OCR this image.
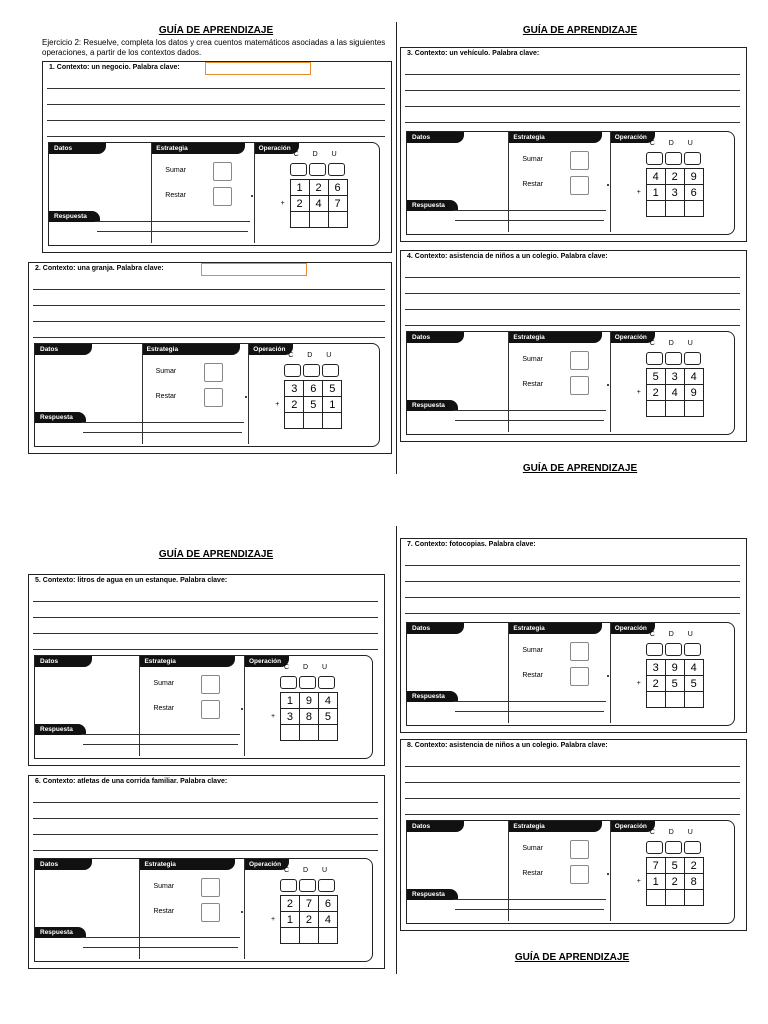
GUÍA DE APRENDIZAJE	GUÍA DE APRENDIZAJE
GUÍA DE APRENDIZAJE
GUÍA DE APRENDIZAJE
GUÍA DE APRENDIZAJE
Ejercicio 2: Resuelve, completa los datos y crea cuentos matemáticos asociadas a las siguientes operaciones, a partir de los contextos dados.
1. Contexto: un negocio. Palabra clave:
Datos	Estrategia	Operación
Sumar
Restar
Respuesta
C D U
+
1	2	6
2	4	7

2. Contexto: una granja. Palabra clave:
Datos	Estrategia	Operación
Sumar
Restar
Respuesta
C D U
+
3	6	5
2	5	1

3. Contexto: un vehículo. Palabra clave:
Datos	Estrategia	Operación
Sumar
Restar
Respuesta
C D U
+
4	2	9
1	3	6

4. Contexto: asistencia de niños a un colegio. Palabra clave:
Datos	Estrategia	Operación
Sumar
Restar
Respuesta
C D U
+
5	3	4
2	4	9

5. Contexto: litros de agua en un estanque. Palabra clave:
Datos	Estrategia	Operación
Sumar
Restar
Respuesta
C D U
+
1	9	4
3	8	5

6. Contexto: atletas de una corrida familiar. Palabra clave:
Datos	Estrategia	Operación
Sumar
Restar
Respuesta
C D U
+
2	7	6
1	2	4

7. Contexto: fotocopias. Palabra clave:
Datos	Estrategia	Operación
Sumar
Restar
Respuesta
C D U
+
3	9	4
2	5	5

8. Contexto: asistencia de niños a un colegio. Palabra clave:
Datos	Estrategia	Operación
Sumar
Restar
Respuesta
C D U
+
7	5	2
1	2	8
